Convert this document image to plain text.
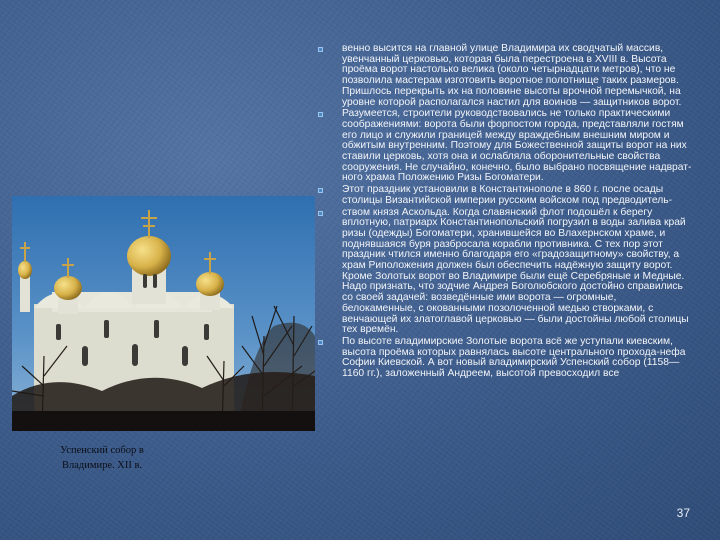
Успенский собор в
Владимире. XII в.
венно высится на главной улице Владимира их сводчатый массив, увенчанный церковью, которая была перестроена в XVIII в. Высота проёма ворот настолько велика (около четырнадцати метров), что не позволила мастерам изготовить воротное полотнище таких размеров. Пришлось перекрыть их на половине высоты врочной перемычкой, на уровне которой располагался настил для воинов — защитников ворот.
Разумеется, строители руководствовались не только практическими соображениями: ворота были форпостом города, представляли гостям его лицо и служили границей между враждебным внешним миром и обжитым внутренним. Поэтому для Божественной защиты ворот на них ставили церковь, хотя она и ослабляла оборонительные свойства сооружения. Не случайно, конечно, было выбрано посвящение надврат-ного храма Положению Ризы Богоматери.
Этот праздник установили в Константинополе в 860 г. после осады столицы Византийской империи русским войском под предводитель-
ством князя Аскольда. Когда славянский флот подошёл к берегу вплотную, патриарх Константинопольский погрузил в воды залива край ризы (одежды) Богоматери, хранившейся во Влахернском храме, и поднявшаяся буря разбросала корабли противника. С тех пор этот праздник чтился именно благодаря его «градозащитному» свойству, а храм Риположения должен был обеспечить надёжную защиту ворот. Кроме Золотых ворот во Владимире были ещё Серебряные и Медные. Надо признать, что зодчие Андрея Боголюбского достойно справились со своей задачей: возведённые ими ворота — огромные, белокаменные, с окованными позолоченной медью створками, с венчающей их златоглавой церковью — были достойны любой столицы тех времён.
По высоте владимирские Золотые ворота всё же уступали киевским, высота проёма которых равнялась высоте центрального прохода-нефа Софии Киевской. А вот новый владимирский Успенский собор (1158—1160 гг.), заложенный Андреем, высотой превосходил все
37
